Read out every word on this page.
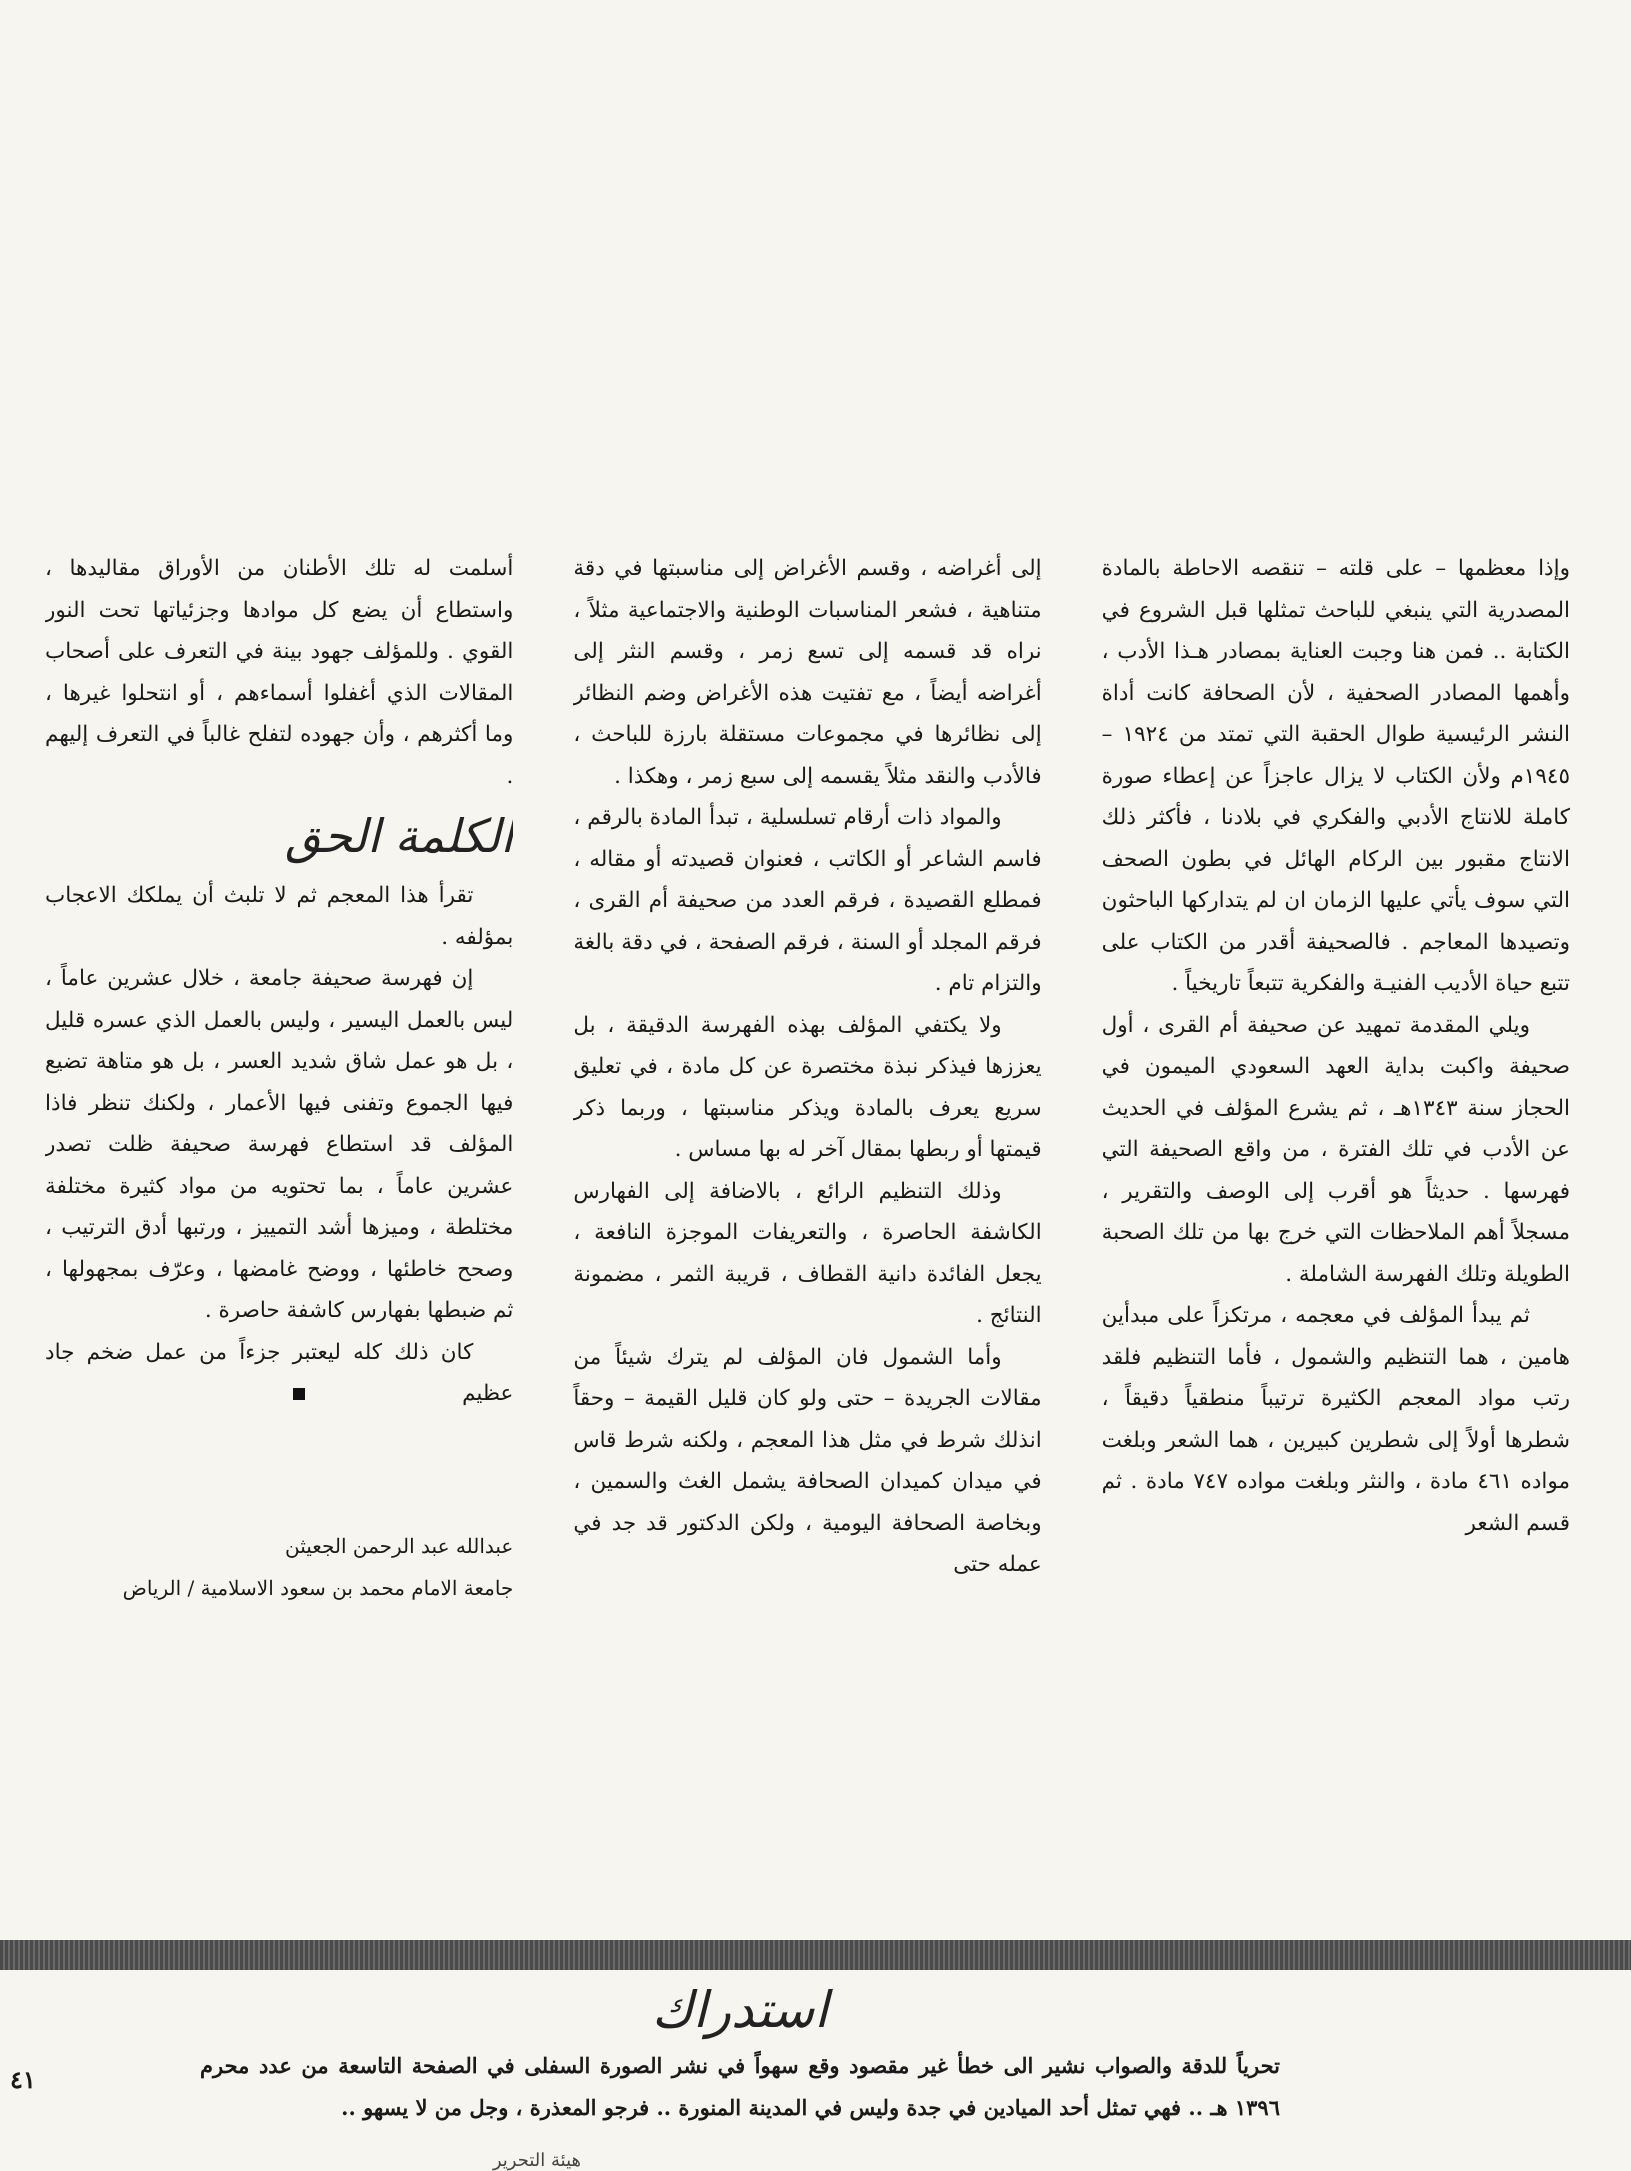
وإذا معظمها – على قلته – تنقصه الاحاطة بالمادة المصدرية التي ينبغي للباحث تمثلها قبل الشروع في الكتابة .. فمن هنا وجبت العناية بمصادر هـذا الأدب ، وأهمها المصادر الصحفية ، لأن الصحافة كانت أداة النشر الرئيسية طوال الحقبة التي تمتد من ١٩٢٤ – ١٩٤٥م ولأن الكتاب لا يزال عاجزاً عن إعطاء صورة كاملة للانتاج الأدبي والفكري في بلادنا ، فأكثر ذلك الانتاج مقبور بين الركام الهائل في بطون الصحف التي سوف يأتي عليها الزمان ان لم يتداركها الباحثون وتصيدها المعاجم . فالصحيفة أقدر من الكتاب على تتبع حياة الأديب الفنيـة والفكرية تتبعاً تاريخياً .

ويلي المقدمة تمهيد عن صحيفة أم القرى ، أول صحيفة واكبت بداية العهد السعودي الميمون في الحجاز سنة ١٣٤٣هـ ، ثم يشرع المؤلف في الحديث عن الأدب في تلك الفترة ، من واقع الصحيفة التي فهرسها . حديثاً هو أقرب إلى الوصف والتقرير ، مسجلاً أهم الملاحظات التي خرج بها من تلك الصحبة الطويلة وتلك الفهرسة الشاملة .

ثم يبدأ المؤلف في معجمه ، مرتكزاً على مبدأين هامين ، هما التنظيم والشمول ، فأما التنظيم فلقد رتب مواد المعجم الكثيرة ترتيباً منطقياً دقيقاً ، شطرها أولاً إلى شطرين كبيرين ، هما الشعر وبلغت مواده ٤٦١ مادة ، والنثر وبلغت مواده ٧٤٧ مادة . ثم قسم الشعر

إلى أغراضه ، وقسم الأغراض إلى مناسبتها في دقة متناهية ، فشعر المناسبات الوطنية والاجتماعية مثلاً ، نراه قد قسمه إلى تسع زمر ، وقسم النثر إلى أغراضه أيضاً ، مع تفتيت هذه الأغراض وضم النظائر إلى نظائرها في مجموعات مستقلة بارزة للباحث ، فالأدب والنقد مثلاً يقسمه إلى سبع زمر ، وهكذا .

والمواد ذات أرقام تسلسلية ، تبدأ المادة بالرقم ، فاسم الشاعر أو الكاتب ، فعنوان قصيدته أو مقاله ، فمطلع القصيدة ، فرقم العدد من صحيفة أم القرى ، فرقم المجلد أو السنة ، فرقم الصفحة ، في دقة بالغة والتزام تام .

ولا يكتفي المؤلف بهذه الفهرسة الدقيقة ، بل يعززها فيذكر نبذة مختصرة عن كل مادة ، في تعليق سريع يعرف بالمادة ويذكر مناسبتها ، وربما ذكر قيمتها أو ربطها بمقال آخر له بها مساس .

وذلك التنظيم الرائع ، بالاضافة إلى الفهارس الكاشفة الحاصرة ، والتعريفات الموجزة النافعة ، يجعل الفائدة دانية القطاف ، قريبة الثمر ، مضمونة النتائج .

وأما الشمول فان المؤلف لم يترك شيئاً من مقالات الجريدة – حتى ولو كان قليل القيمة – وحقاً انذلك شرط في مثل هذا المعجم ، ولكنه شرط قاس في ميدان كميدان الصحافة يشمل الغث والسمين ، وبخاصة الصحافة اليومية ، ولكن الدكتور قد جد في عمله حتى

أسلمت له تلك الأطنان من الأوراق مقاليدها ، واستطاع أن يضع كل موادها وجزئياتها تحت النور القوي . وللمؤلف جهود بينة في التعرف على أصحاب المقالات الذي أغفلوا أسماءهم ، أو انتحلوا غيرها ، وما أكثرهم ، وأن جهوده لتفلح غالباً في التعرف إليهم .

الكلمة الحق

تقرأ هذا المعجم ثم لا تلبث أن يملكك الاعجاب بمؤلفه .

إن فهرسة صحيفة جامعة ، خلال عشرين عاماً ، ليس بالعمل اليسير ، وليس بالعمل الذي عسره قليل ، بل هو عمل شاق شديد العسر ، بل هو متاهة تضيع فيها الجموع وتفنى فيها الأعمار ، ولكنك تنظر فاذا المؤلف قد استطاع فهرسة صحيفة ظلت تصدر عشرين عاماً ، بما تحتويه من مواد كثيرة مختلفة مختلطة ، وميزها أشد التمييز ، ورتبها أدق الترتيب ، وصحح خاطئها ، ووضح غامضها ، وعرّف بمجهولها ، ثم ضبطها بفهارس كاشفة حاصرة .

كان ذلك كله ليعتبر جزءاً من عمل ضخم جاد عظيم

عبدالله عبد الرحمن الجعيثن
جامعة الامام محمد بن سعود الاسلامية / الرياض
استدراك
تحرياً للدقة والصواب نشير الى خطأ غير مقصود وقع سهواً في نشر الصورة السفلى في الصفحة التاسعة من عدد محرم ١٣٩٦ هـ .. فهي تمثل أحد الميادين في جدة وليس في المدينة المنورة .. فرجو المعذرة ، وجل من لا يسهو ..
هيئة التحرير
٤١
